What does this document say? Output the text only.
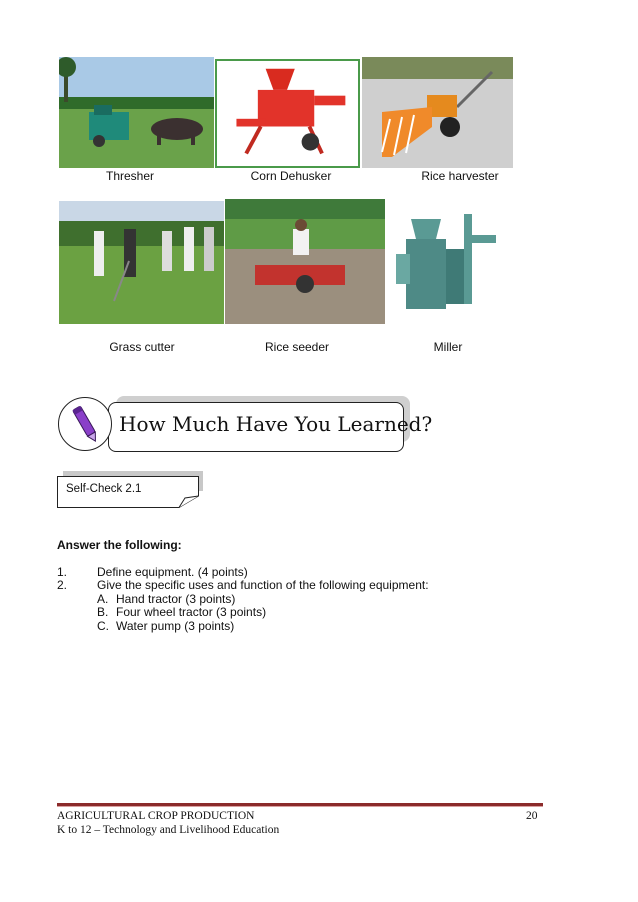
Thresher	Corn Dehusker	Rice harvester
Grass cutter	Rice seeder	Miller
How Much Have You Learned?
Self-Check 2.1
Answer the following:
1. Define equipment. (4 points)
2. Give the specific uses and function of the following equipment:
A. Hand tractor (3 points)
B. Four wheel tractor (3 points)
C. Water pump (3 points)
AGRICULTURAL CROP PRODUCTION	20
K to 12 – Technology and Livelihood Education
